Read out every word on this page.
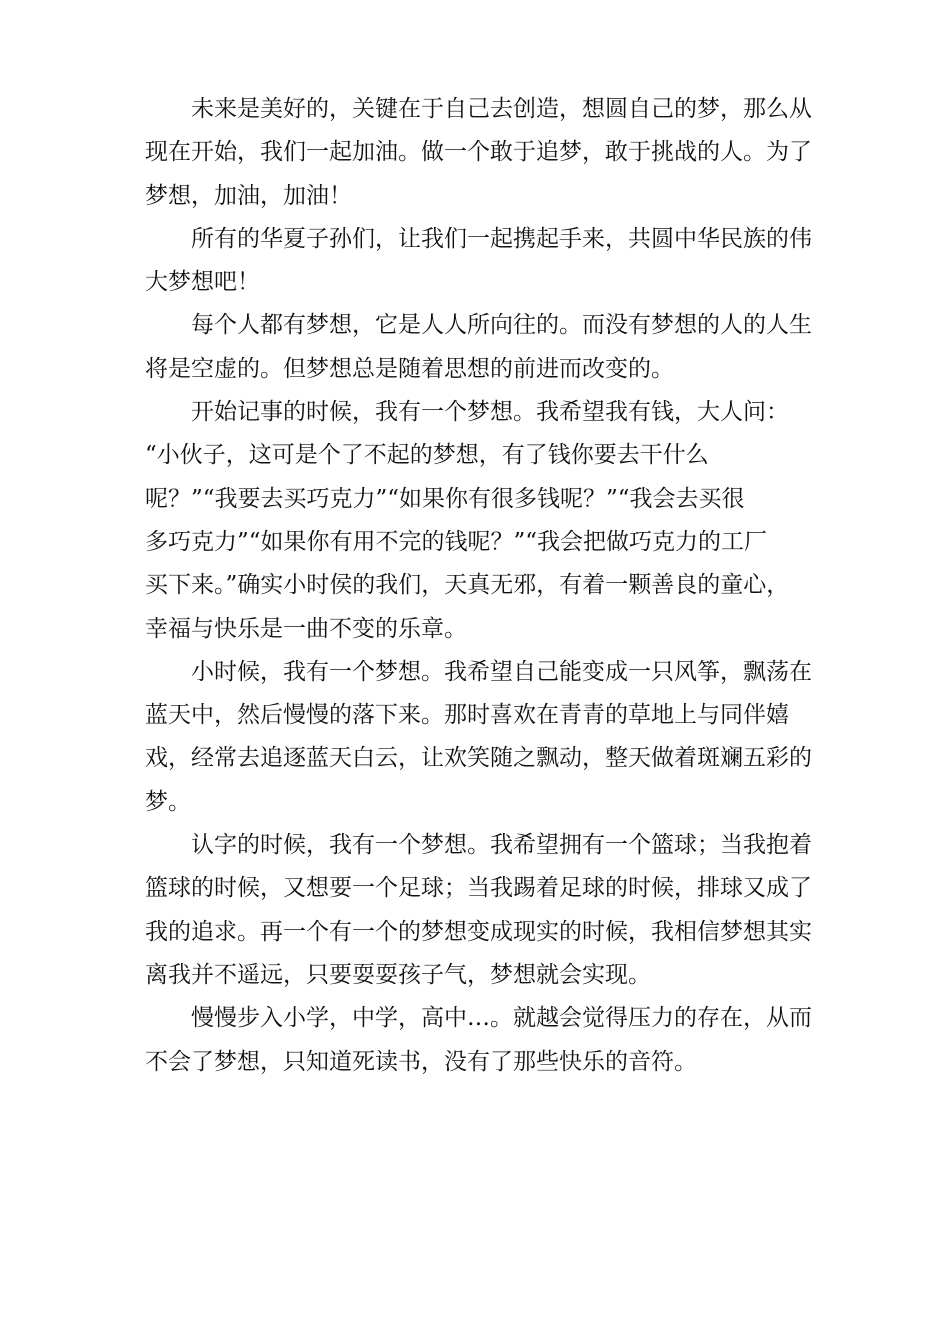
未来是美好的，关键在于自己去创造，想圆自己的梦，那么从
现在开始，我们一起加油。做一个敢于追梦，敢于挑战的人。为了
梦想，加油，加油！
所有的华夏子孙们，让我们一起携起手来，共圆中华民族的伟
大梦想吧！
每个人都有梦想，它是人人所向往的。而没有梦想的人的人生
将是空虚的。但梦想总是随着思想的前进而改变的。
开始记事的时候，我有一个梦想。我希望我有钱，大人问：
“小伙子，这可是个了不起的梦想，有了钱你要去干什么
呢？”“我要去买巧克力”“如果你有很多钱呢？”“我会去买很
多巧克力”“如果你有用不完的钱呢？”“我会把做巧克力的工厂
买下来。”确实小时侯的我们，天真无邪，有着一颗善良的童心，
幸福与快乐是一曲不变的乐章。
小时候，我有一个梦想。我希望自己能变成一只风筝，飘荡在
蓝天中，然后慢慢的落下来。那时喜欢在青青的草地上与同伴嬉
戏，经常去追逐蓝天白云，让欢笑随之飘动，整天做着斑斓五彩的
梦。
认字的时候，我有一个梦想。我希望拥有一个篮球；当我抱着
篮球的时候，又想要一个足球；当我踢着足球的时候，排球又成了
我的追求。再一个有一个的梦想变成现实的时候，我相信梦想其实
离我并不遥远，只要耍耍孩子气，梦想就会实现。
慢慢步入小学，中学，高中…。就越会觉得压力的存在，从而
不会了梦想，只知道死读书，没有了那些快乐的音符。
